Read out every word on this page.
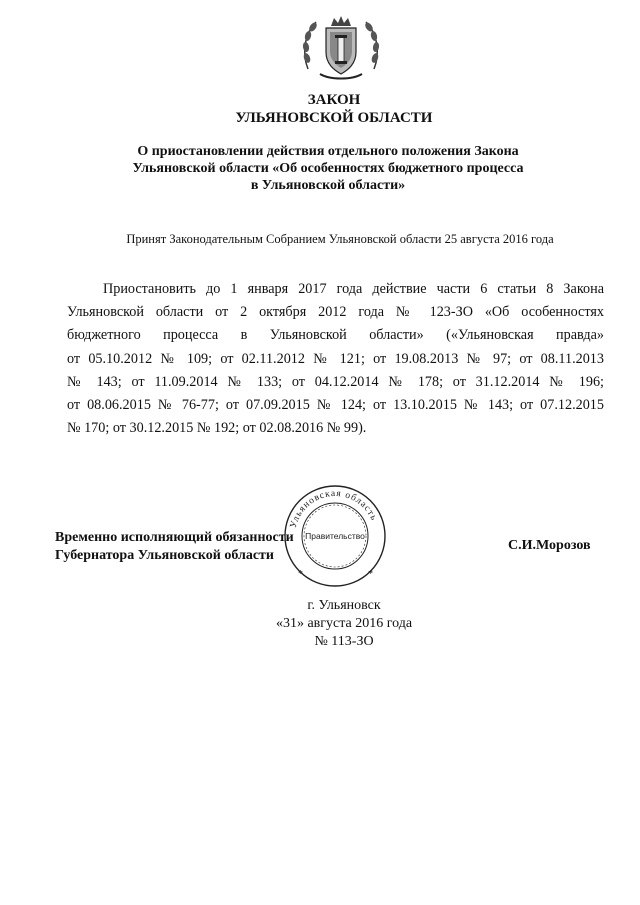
ЗАКОН
УЛЬЯНОВСКОЙ ОБЛАСТИ
О приостановлении действия отдельного положения Закона
Ульяновской области «Об особенностях бюджетного процесса
в Ульяновской области»
Принят Законодательным Собранием Ульяновской области 25 августа 2016 года
Приостановить до 1 января 2017 года действие части 6 статьи 8 Закона
Ульяновской области от 2 октября 2012 года № 123-ЗО «Об особенностях
бюджетного процесса в Ульяновской области» («Ульяновская правда»
от 05.10.2012 № 109; от 02.11.2012 № 121; от 19.08.2013 № 97; от 08.11.2013
№ 143; от 11.09.2014 № 133; от 04.12.2014 № 178; от 31.12.2014 № 196;
от 08.06.2015 № 76-77; от 07.09.2015 № 124; от 13.10.2015 № 143; от 07.12.2015
№ 170; от 30.12.2015 № 192; от 02.08.2016 № 99).
Временно исполняющий обязанности
Губернатора Ульяновской области
Ульяновская область
Правительство
*	*
С.И.Морозов
г. Ульяновск
«31» августа 2016 года
№ 113-ЗО
